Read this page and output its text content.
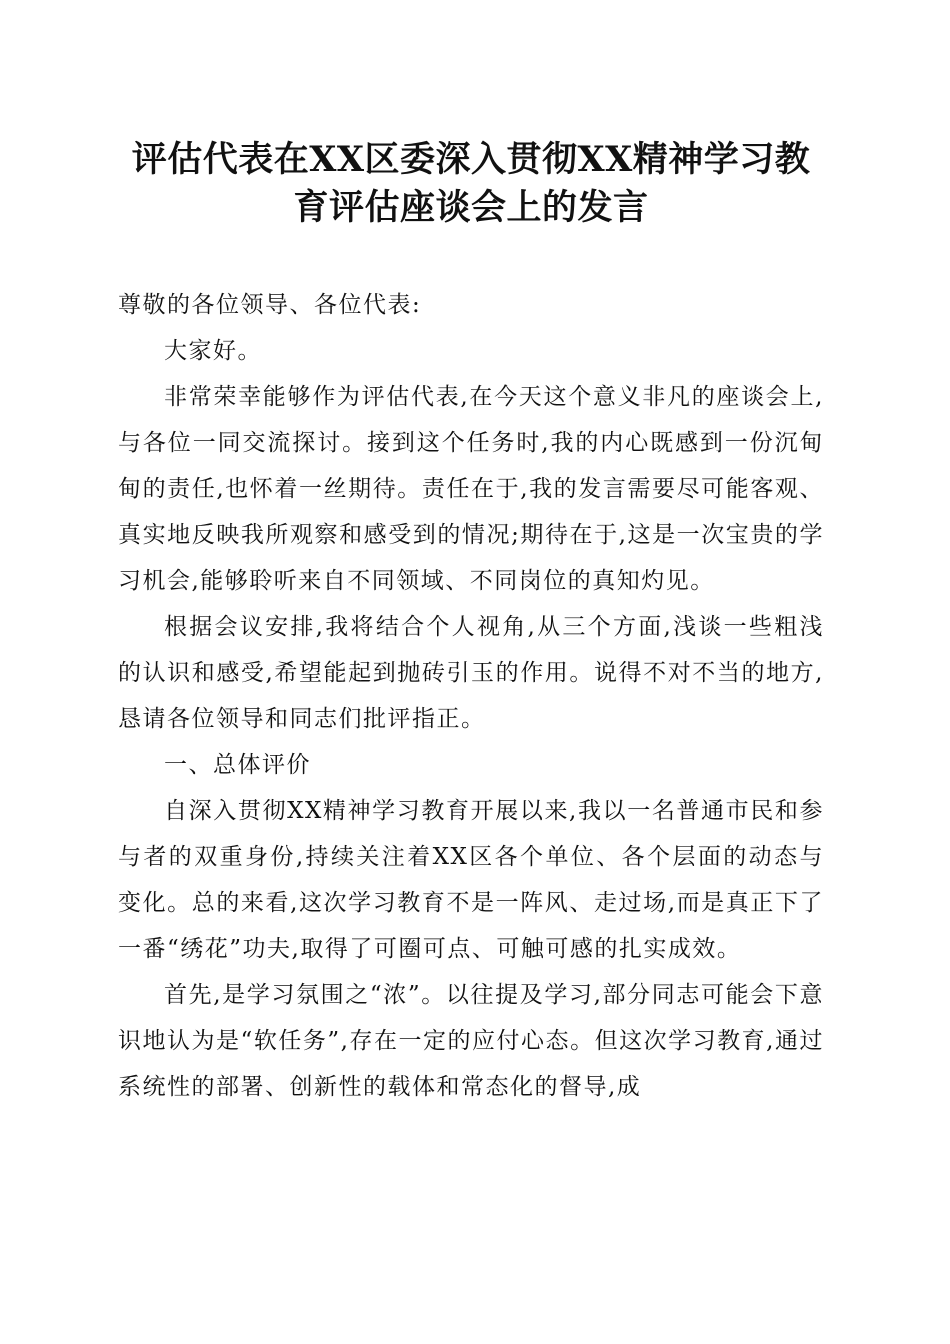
评估代表在XX区委深入贯彻XX精神学习教
育评估座谈会上的发言

尊敬的各位领导、各位代表:

大家好。

非常荣幸能够作为评估代表,在今天这个意义非凡的座谈会上,与各位一同交流探讨。接到这个任务时,我的内心既感到一份沉甸甸的责任,也怀着一丝期待。责任在于,我的发言需要尽可能客观、真实地反映我所观察和感受到的情况;期待在于,这是一次宝贵的学习机会,能够聆听来自不同领域、不同岗位的真知灼见。

根据会议安排,我将结合个人视角,从三个方面,浅谈一些粗浅的认识和感受,希望能起到抛砖引玉的作用。说得不对不当的地方,恳请各位领导和同志们批评指正。

一、总体评价

自深入贯彻XX精神学习教育开展以来,我以一名普通市民和参与者的双重身份,持续关注着XX区各个单位、各个层面的动态与变化。总的来看,这次学习教育不是一阵风、走过场,而是真正下了一番“绣花”功夫,取得了可圈可点、可触可感的扎实成效。

首先,是学习氛围之“浓”。以往提及学习,部分同志可能会下意识地认为是“软任务”,存在一定的应付心态。但这次学习教育,通过系统性的部署、创新性的载体和常态化的督导,成
